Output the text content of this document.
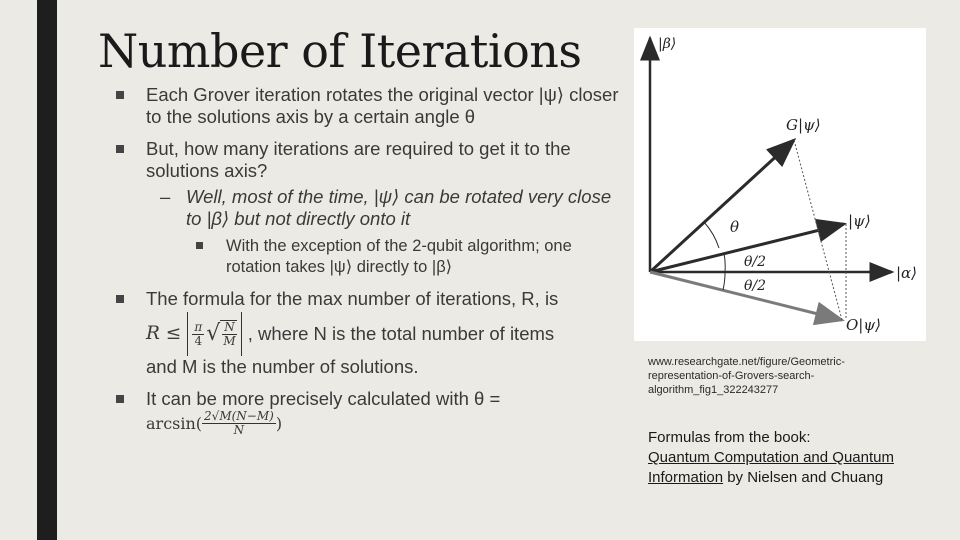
Number of Iterations
Each Grover iteration rotates the original vector |ψ⟩ closer to the solutions axis by a certain angle θ
But, how many iterations are required to get it to the solutions axis?
– Well, most of the time, |ψ⟩ can be rotated very close to |β⟩ but not directly onto it
With the exception of the 2-qubit algorithm; one rotation takes |ψ⟩ directly to |β⟩
The formula for the max number of iterations, R, is
$R \le \frac{\pi}{4}$ √ $\frac{N}{M}$ , where N is the total number of items
and M is the number of solutions.
It can be more precisely calculated with θ =
$\arcsin( \frac{2√M(N-M)}{N}$ )
|β⟩
G|ψ⟩
θ	|ψ⟩
θ/2
|α⟩
θ/2
O|ψ⟩
www.researchgate.net/figure/Geometric-representation-of-Grovers-search-algorithm_fig1_322243277
Formulas from the book:
Quantum Computation and Quantum Information by Nielsen and Chuang
